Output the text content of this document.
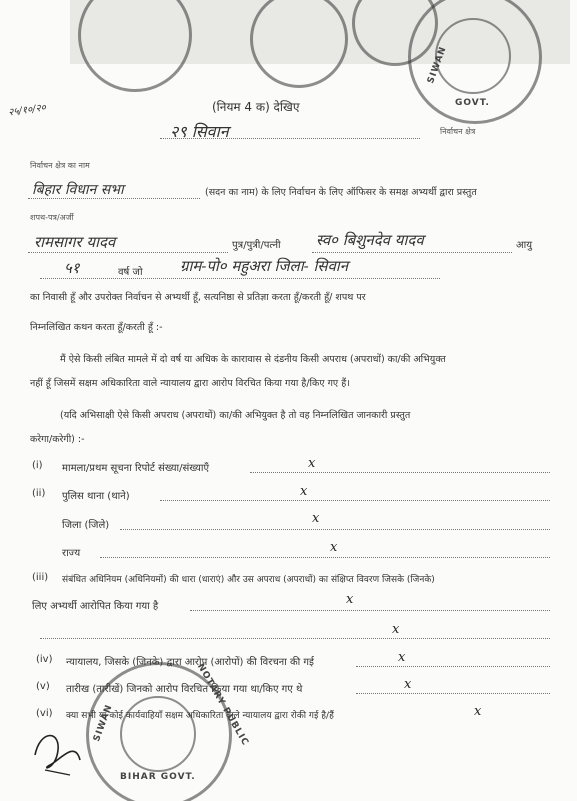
GOVT.
SIWAN
२५/१०/२०	(नियम 4 क) देखिए
२९ सिवान	निर्वाचन क्षेत्र
निर्वाचन क्षेत्र का नाम
बिहार विधान सभा	(सदन का नाम) के लिए निर्वाचन के लिए ऑफिसर के समक्ष अभ्यर्थी द्वारा प्रस्तुत
शपथ-पत्र/अर्जी
रामसागर यादव	पुत्र/पुत्री/पत्नी स्व० बिशुनदेव यादव	आयु
५१	वर्ष जो ग्राम-पो० महुअरा जिला- सिवान
का निवासी हूँ और उपरोक्त निर्वाचन से अभ्यर्थी हूँ, सत्यनिष्ठा से प्रतिज्ञा करता हूँ/करती हूँ/ शपथ पर
निम्नलिखित कथन करता हूँ/करती हूँ :-
मैं ऐसे किसी लंबित मामले में दो वर्ष या अधिक के कारावास से दंडनीय किसी अपराध (अपराधों) का/की अभियुक्त
नहीं हूँ जिसमें सक्षम अधिकारिता वाले न्यायालय द्वारा आरोप विरचित किया गया है/किए गए हैं।
(यदि अभिसाक्षी ऐसे किसी अपराध (अपराधों) का/की अभियुक्त है तो वह निम्नलिखित जानकारी प्रस्तुत
करेगा/करेगी) :-
(i) मामला/प्रथम सूचना रिपोर्ट संख्या/संख्याएँ	x
(ii) पुलिस थाना (थाने)	x
जिला (जिले)	x
राज्य	x
(iii) संबंधित अधिनियम (अधिनियमों) की धारा (धाराएं) और उस अपराध (अपराधों) का संक्षिप्त विवरण जिसके (जिनके)
लिए अभ्यर्थी आरोपित किया गया है	x
x
(iv) न्यायालय, जिसके (जिनके) द्वारा आरोप (आरोपों) की विरचना की गई	x
(v) तारीख (तारीखें) जिनको आरोप विरचित किया गया था/किए गए थे	x
(vi) क्या सभी या कोई कार्यवाहियाँ सक्षम अधिकारिता वाले न्यायालय द्वारा रोकी गई है/हैं	x
NOTARY PUBLIC
SIWAN
BIHAR GOVT.
